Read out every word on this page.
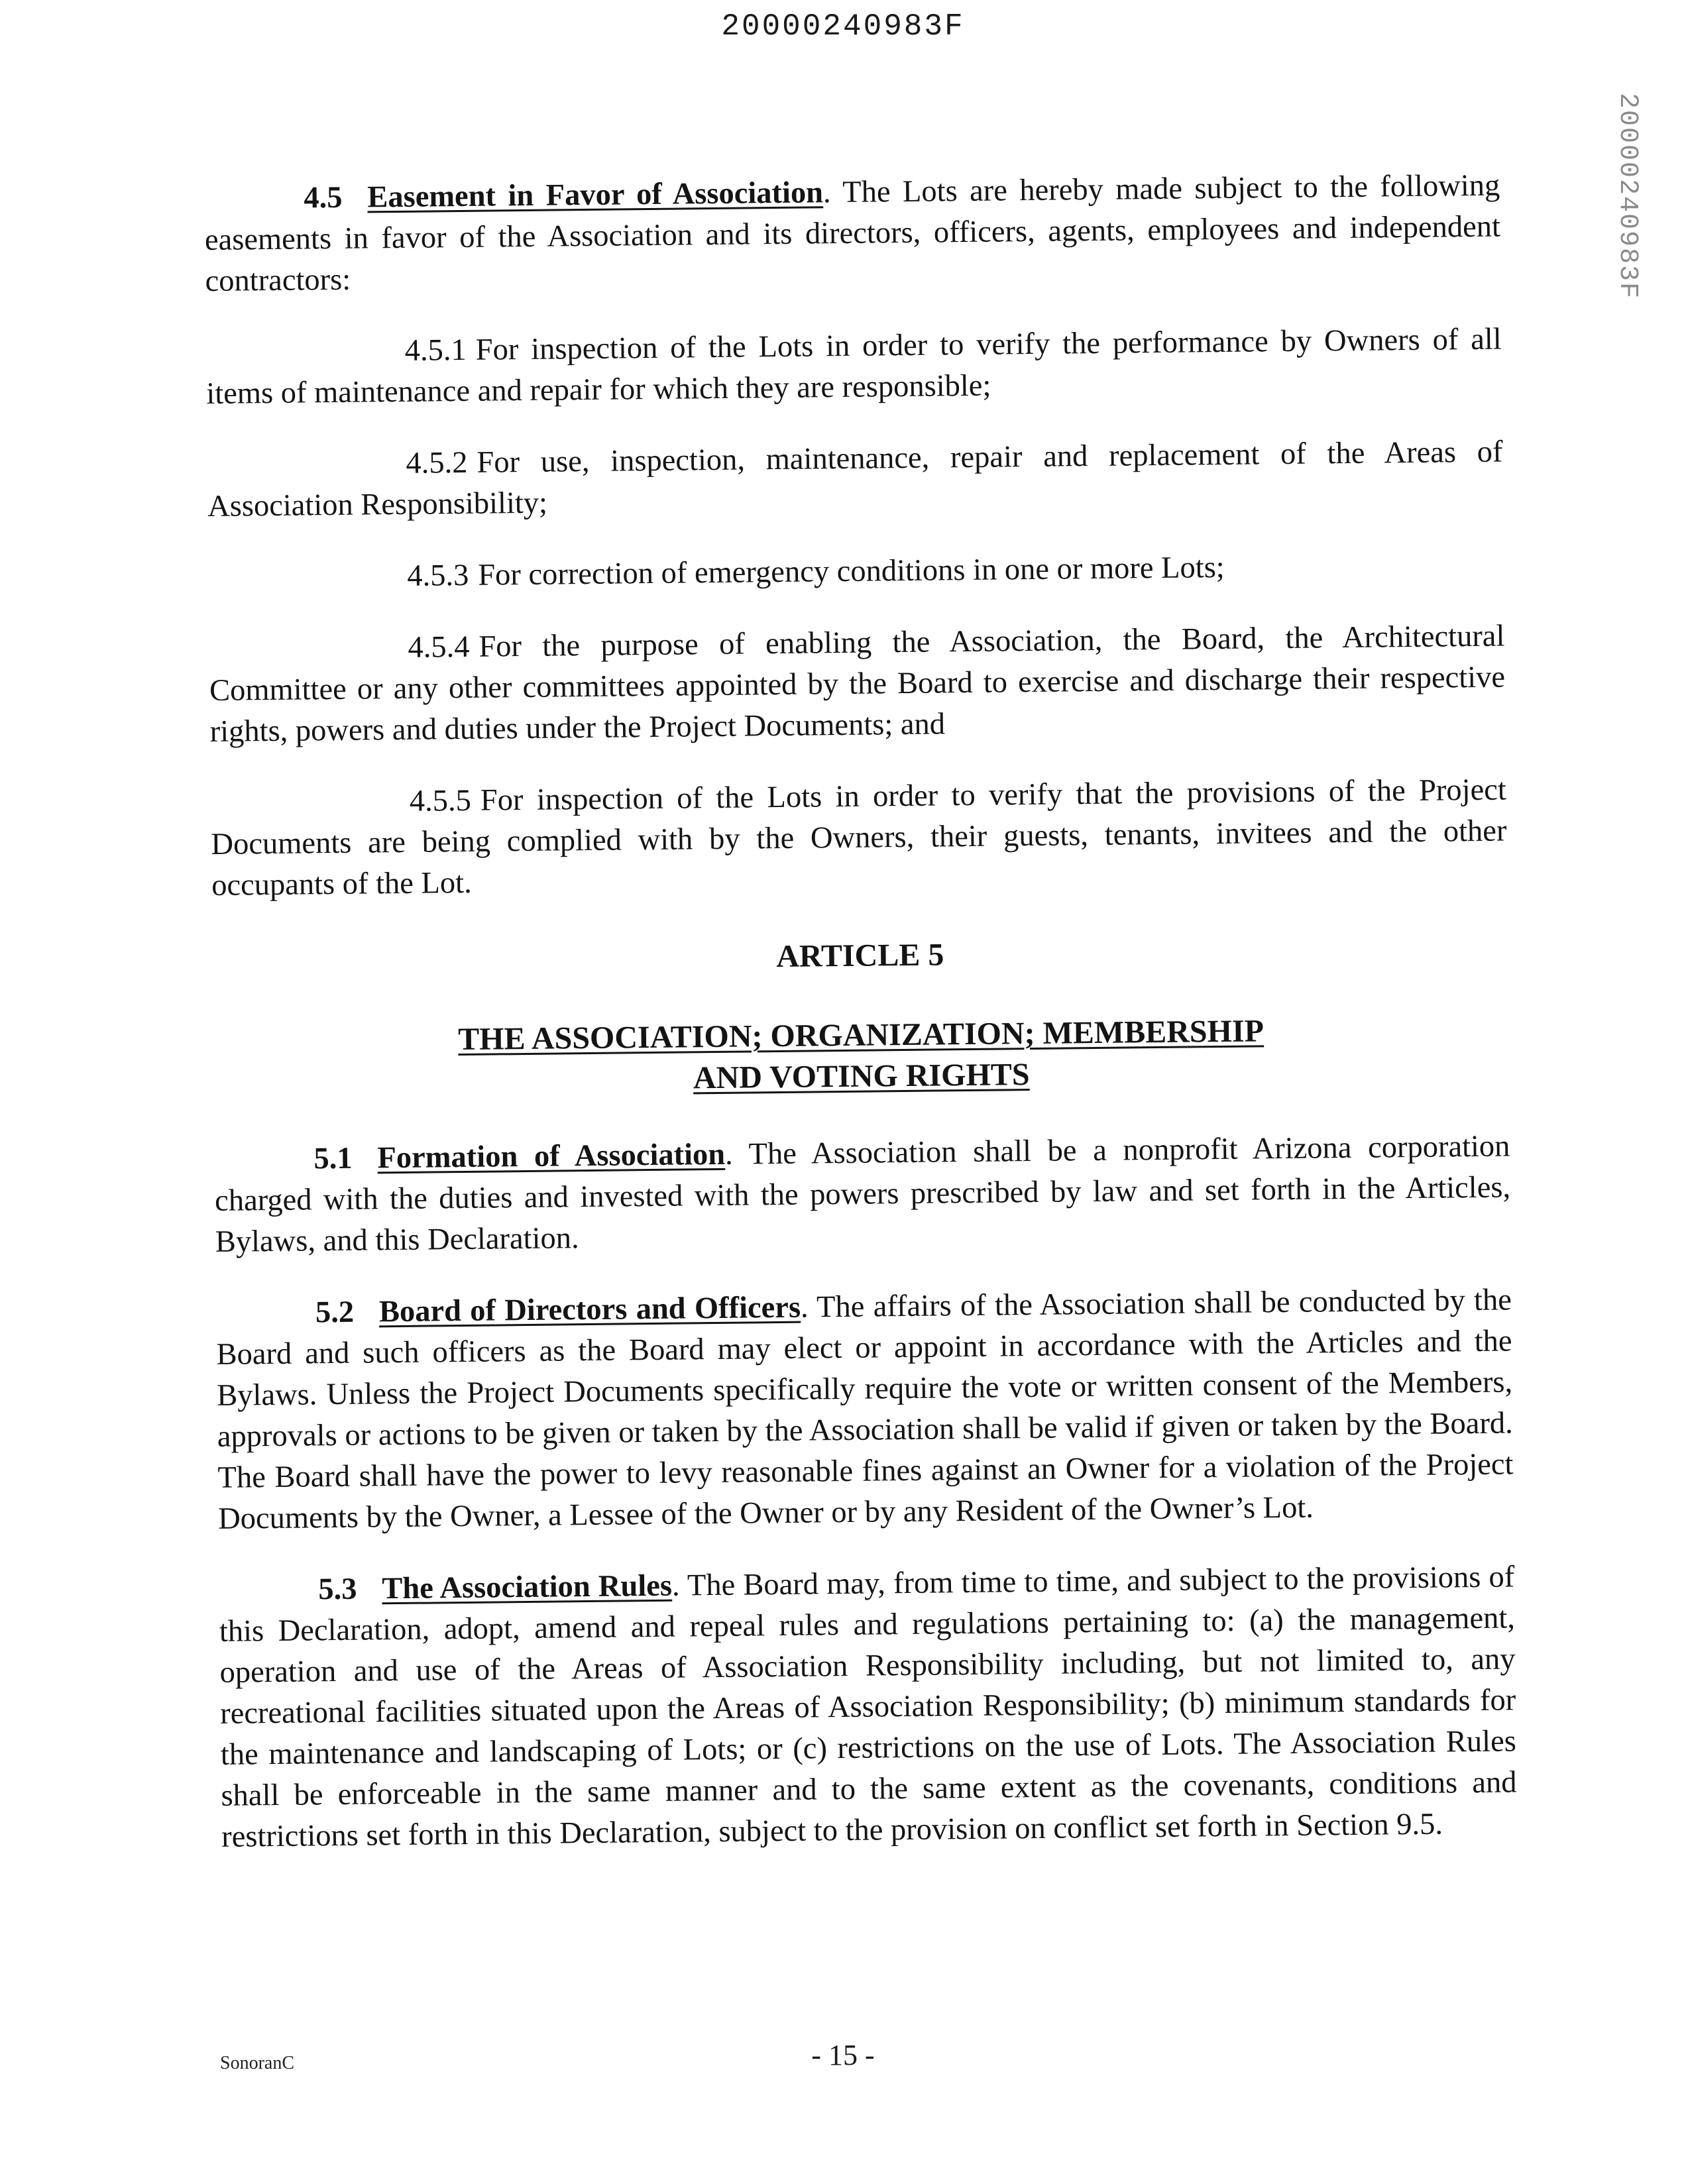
20000240983F
20000240983F

4.5 Easement in Favor of Association. The Lots are hereby made subject to the following easements in favor of the Association and its directors, officers, agents, employees and independent contractors:

4.5.1 For inspection of the Lots in order to verify the performance by Owners of all items of maintenance and repair for which they are responsible;

4.5.2 For use, inspection, maintenance, repair and replacement of the Areas of Association Responsibility;

4.5.3 For correction of emergency conditions in one or more Lots;

4.5.4 For the purpose of enabling the Association, the Board, the Architectural Committee or any other committees appointed by the Board to exercise and discharge their respective rights, powers and duties under the Project Documents; and

4.5.5 For inspection of the Lots in order to verify that the provisions of the Project Documents are being complied with by the Owners, their guests, tenants, invitees and the other occupants of the Lot.

ARTICLE 5

THE ASSOCIATION; ORGANIZATION; MEMBERSHIP

AND VOTING RIGHTS

5.1 Formation of Association. The Association shall be a nonprofit Arizona corporation charged with the duties and invested with the powers prescribed by law and set forth in the Articles, Bylaws, and this Declaration.

5.2 Board of Directors and Officers. The affairs of the Association shall be conducted by the Board and such officers as the Board may elect or appoint in accordance with the Articles and the Bylaws. Unless the Project Documents specifically require the vote or written consent of the Members, approvals or actions to be given or taken by the Association shall be valid if given or taken by the Board. The Board shall have the power to levy reasonable fines against an Owner for a violation of the Project Documents by the Owner, a Lessee of the Owner or by any Resident of the Owner’s Lot.

5.3 The Association Rules. The Board may, from time to time, and subject to the provisions of this Declaration, adopt, amend and repeal rules and regulations pertaining to: (a) the management, operation and use of the Areas of Association Responsibility including, but not limited to, any recreational facilities situated upon the Areas of Association Responsibility; (b) minimum standards for the maintenance and landscaping of Lots; or (c) restrictions on the use of Lots. The Association Rules shall be enforceable in the same manner and to the same extent as the covenants, conditions and restrictions set forth in this Declaration, subject to the provision on conflict set forth in Section 9.5.

SonoranC	- 15 -
